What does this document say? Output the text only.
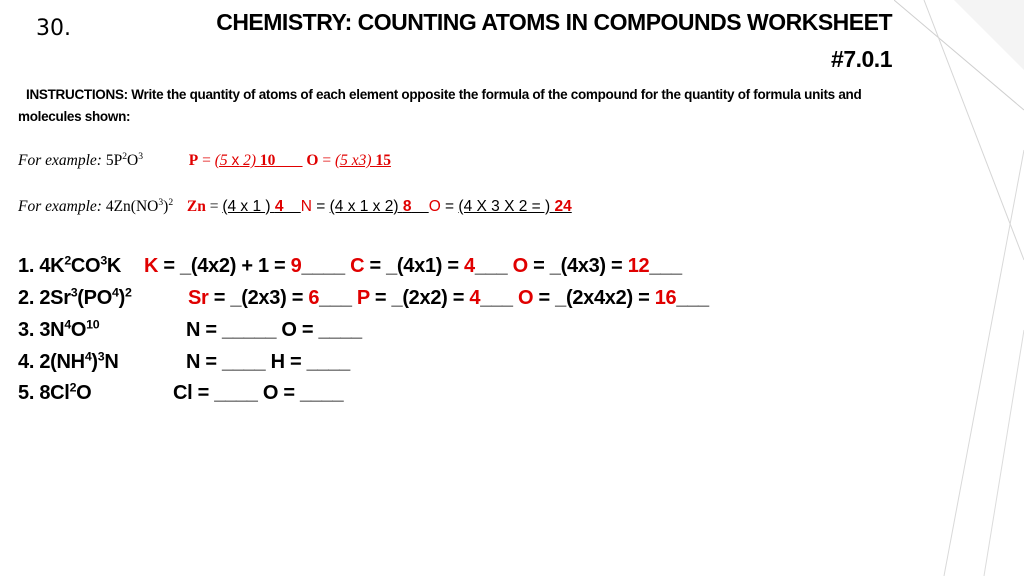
30.	CHEMISTRY: COUNTING ATOMS IN COMPOUNDS WORKSHEET
#7.0.1
INSTRUCTIONS: Write the quantity of atoms of each element opposite the formula of the compound for the quantity of formula units and
molecules shown:
For example: $5P^2O^3$	P = (5 x 2) 10 O = (5 x3) 15
For example: $4Zn(NO^3)^2$ Zn = (4 x 1 ) 4 N = (4 x 1 x 2) 8 O = (4 X 3 X 2 = ) 24
1. $4K^2CO^3K$ K = _(4x2) + 1 = 9____ C = _(4x1) = 4___ O = _(4x3) = 12___
2. $2Sr^3(PO^4)^2$	Sr = _(2x3) = 6___ P = _(2x2) = 4___ O = _(2x4x2) = 16___
3. $3N^4O^{10}$	N = _____ O = ____
4. $2(NH^4)^3N$	N = ____ H = ____
5. 8Cl$^2$O	Cl = ____ O = ____
